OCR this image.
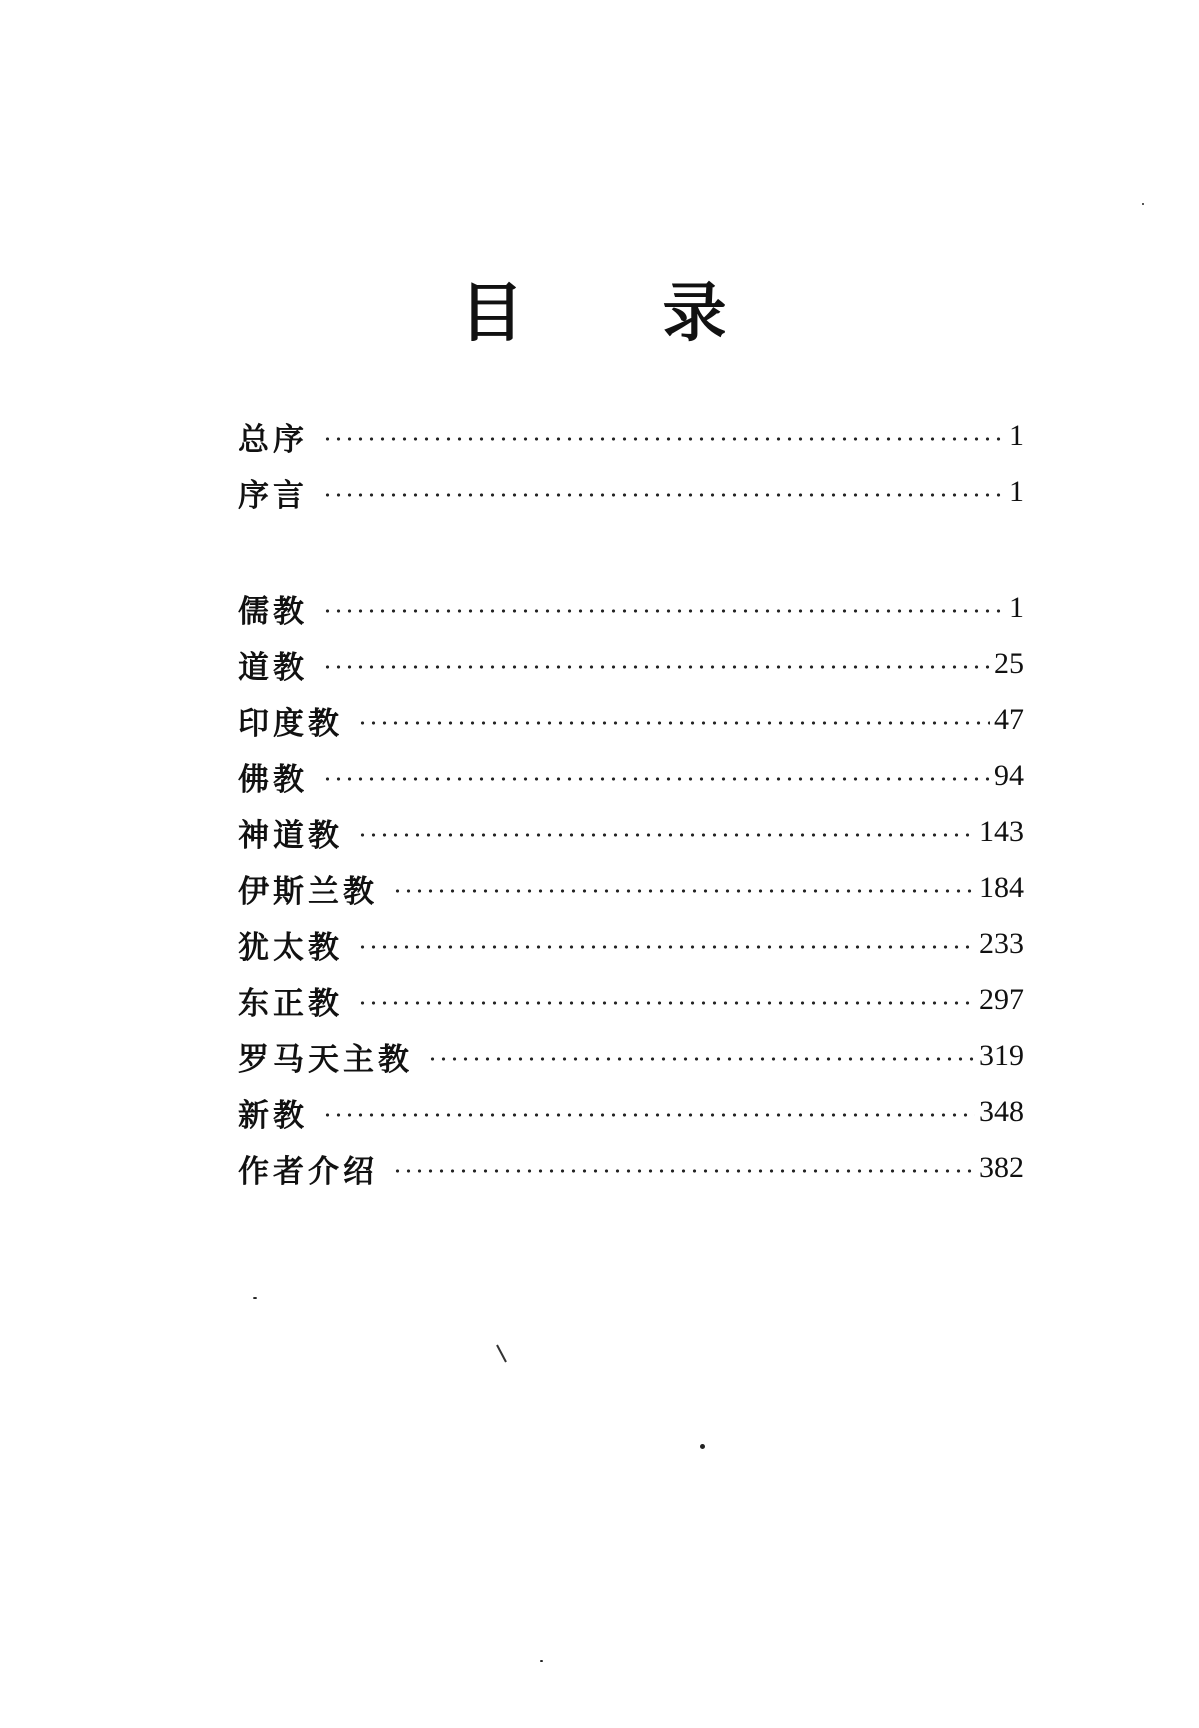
目 录
总序	1
序言	1
儒教	1
道教	25
印度教	47
佛教	94
神道教	143
伊斯兰教	184
犹太教	233
东正教	297
罗马天主教	319
新教	348
作者介绍	382
